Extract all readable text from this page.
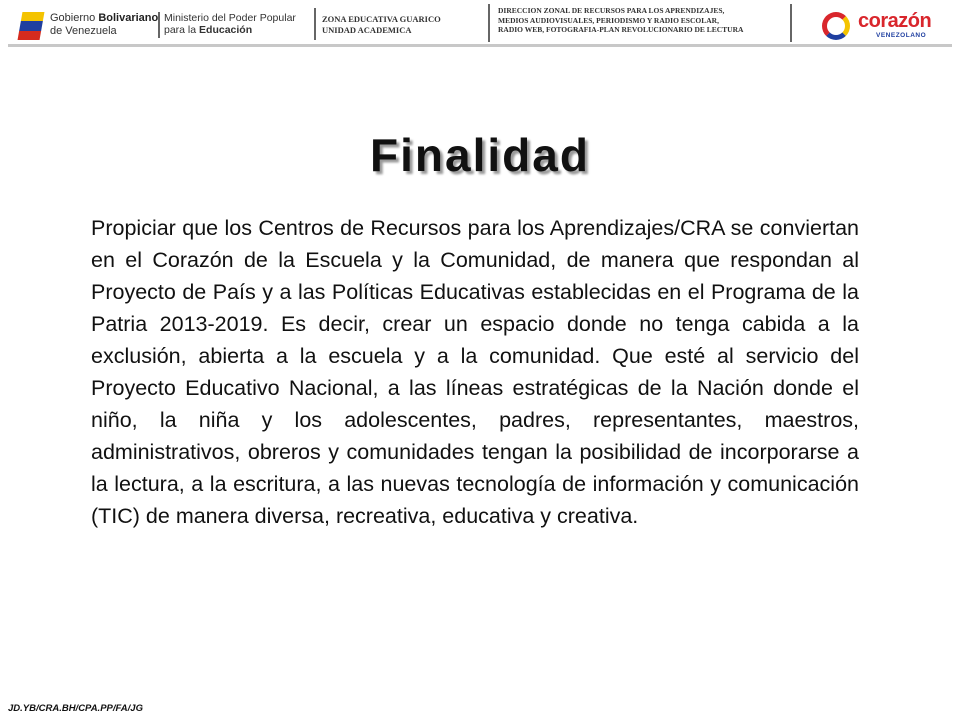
Gobierno Bolivariano
de Venezuela
Ministerio del Poder Popular
para la Educación
ZONA EDUCATIVA GUARICO
UNIDAD ACADEMICA
DIRECCION ZONAL DE RECURSOS PARA LOS APRENDIZAJES,
MEDIOS AUDIOVISUALES, PERIODISMO Y RADIO ESCOLAR,
RADIO WEB, FOTOGRAFIA-PLAN REVOLUCIONARIO DE LECTURA	corazón
VENEZOLANO
Finalidad
Propiciar que los Centros de Recursos para los Aprendizajes/CRA se conviertan en el Corazón de la Escuela y la Comunidad, de manera que respondan al Proyecto de País y a las Políticas Educativas establecidas en el Programa de la Patria 2013-2019. Es decir, crear un espacio donde no tenga cabida a la exclusión, abierta a la escuela y a la comunidad. Que esté al servicio del Proyecto Educativo Nacional, a las líneas estratégicas de la Nación donde el niño, la niña y los adolescentes, padres, representantes, maestros, administrativos, obreros y comunidades tengan la posibilidad de incorporarse a la lectura, a la escritura, a las nuevas tecnología de información y comunicación (TIC) de manera diversa, recreativa, educativa y creativa.
JD.YB/CRA.BH/CPA.PP/FA/JG
